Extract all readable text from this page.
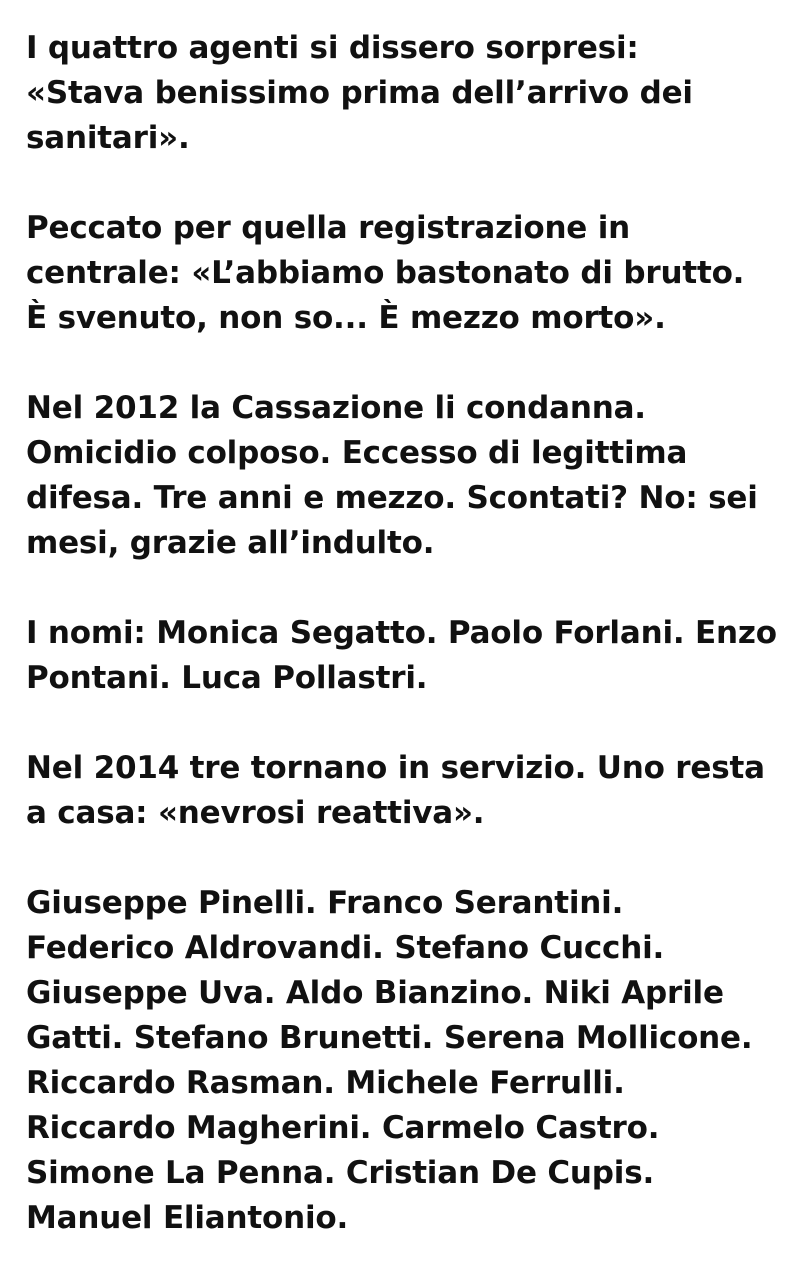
I quattro agenti si dissero sorpresi:
«Stava benissimo prima dell’arrivo dei
sanitari».
Peccato per quella registrazione in
centrale: «L’abbiamo bastonato di brutto.
È svenuto, non so... È mezzo morto».
Nel 2012 la Cassazione li condanna.
Omicidio colposo. Eccesso di legittima
difesa. Tre anni e mezzo. Scontati? No: sei
mesi, grazie all’indulto.
I nomi: Monica Segatto. Paolo Forlani. Enzo
Pontani. Luca Pollastri.
Nel 2014 tre tornano in servizio. Uno resta
a casa: «nevrosi reattiva».
Giuseppe Pinelli. Franco Serantini.
Federico Aldrovandi. Stefano Cucchi.
Giuseppe Uva. Aldo Bianzino. Niki Aprile
Gatti. Stefano Brunetti. Serena Mollicone.
Riccardo Rasman. Michele Ferrulli.
Riccardo Magherini. Carmelo Castro.
Simone La Penna. Cristian De Cupis.
Manuel Eliantonio.
